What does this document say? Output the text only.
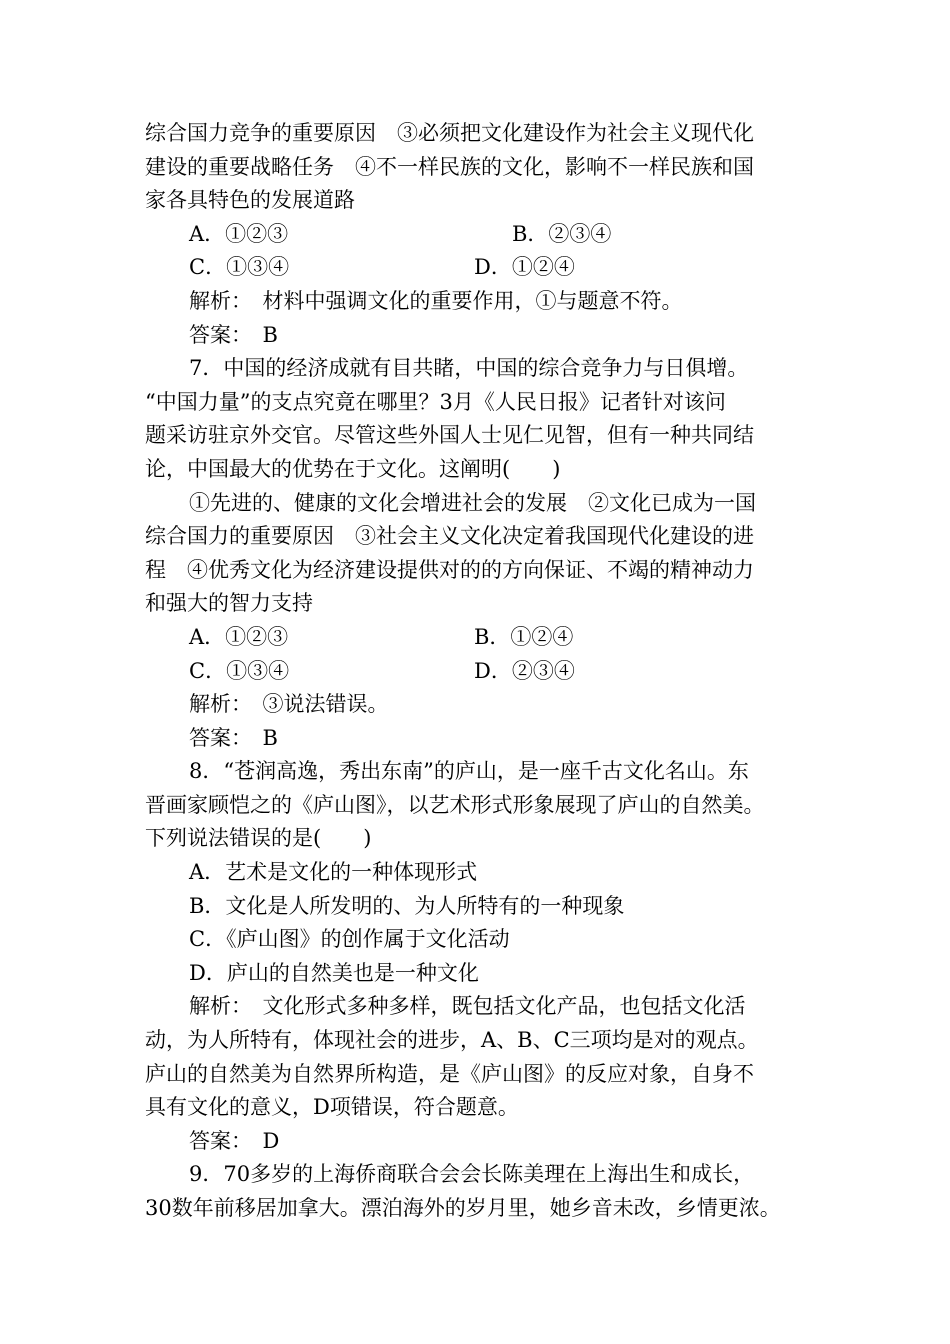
综合国力竞争的重要原因　③必须把文化建设作为社会主义现代化
建设的重要战略任务　④不一样民族的文化，影响不一样民族和国
家各具特色的发展道路
A．①②③	B．②③④
C．①③④	D．①②④
解析：　材料中强调文化的重要作用，①与题意不符。
答案：　B
7．中国的经济成就有目共睹，中国的综合竞争力与日俱增。
“中国力量”的支点究竟在哪里？3月《人民日报》记者针对该问
题采访驻京外交官。尽管这些外国人士见仁见智，但有一种共同结
论，中国最大的优势在于文化。这阐明(　　)
①先进的、健康的文化会增进社会的发展　②文化已成为一国
综合国力的重要原因　③社会主义文化决定着我国现代化建设的进
程　④优秀文化为经济建设提供对的的方向保证、不竭的精神动力
和强大的智力支持
A．①②③	B．①②④
C．①③④	D．②③④
解析：　③说法错误。
答案：　B
8．“苍润高逸，秀出东南”的庐山，是一座千古文化名山。东
晋画家顾恺之的《庐山图》，以艺术形式形象展现了庐山的自然美。
下列说法错误的是(　　)
A．艺术是文化的一种体现形式
B．文化是人所发明的、为人所特有的一种现象
C．《庐山图》的创作属于文化活动
D．庐山的自然美也是一种文化
解析：　文化形式多种多样，既包括文化产品，也包括文化活
动，为人所特有，体现社会的进步，A、B、C三项均是对的观点。
庐山的自然美为自然界所构造，是《庐山图》的反应对象，自身不
具有文化的意义，D项错误，符合题意。
答案：　D
9．70多岁的上海侨商联合会会长陈美理在上海出生和成长，
30数年前移居加拿大。漂泊海外的岁月里，她乡音未改，乡情更浓。
